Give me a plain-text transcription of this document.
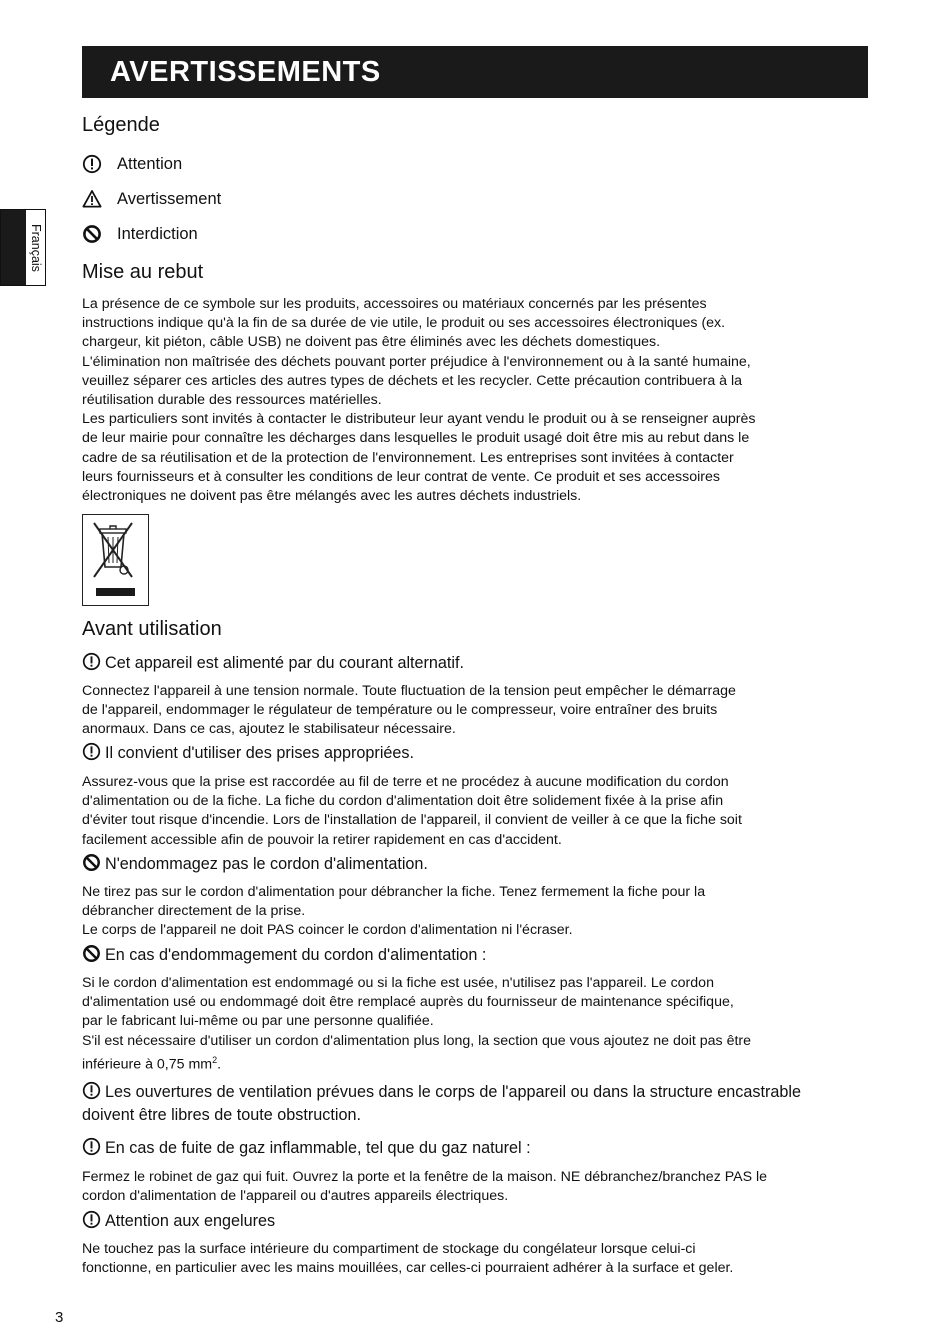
AVERTISSEMENTS
Français
Légende
Attention
Avertissement
Interdiction
Mise au rebut

La présence de ce symbole sur les produits, accessoires ou matériaux concernés par les présentes

instructions indique qu'à la fin de sa durée de vie utile, le produit ou ses accessoires électroniques (ex.

chargeur, kit piéton, câble USB) ne doivent pas être éliminés avec les déchets domestiques.

L'élimination non maîtrisée des déchets pouvant porter préjudice à l'environnement ou à la santé humaine,

veuillez séparer ces articles des autres types de déchets et les recycler. Cette précaution contribuera à la

réutilisation durable des ressources matérielles.

Les particuliers sont invités à contacter le distributeur leur ayant vendu le produit ou à se renseigner auprès

de leur mairie pour connaître les décharges dans lesquelles le produit usagé doit être mis au rebut dans le

cadre de sa réutilisation et de la protection de l'environnement. Les entreprises sont invitées à contacter

leurs fournisseurs et à consulter les conditions de leur contrat de vente. Ce produit et ses accessoires

électroniques ne doivent pas être mélangés avec les autres déchets industriels.

Avant utilisation
Cet appareil est alimenté par du courant alternatif.

Connectez l'appareil à une tension normale. Toute fluctuation de la tension peut empêcher le démarrage

de l'appareil, endommager le régulateur de température ou le compresseur, voire entraîner des bruits

anormaux. Dans ce cas, ajoutez le stabilisateur nécessaire.

Il convient d'utiliser des prises appropriées.

Assurez-vous que la prise est raccordée au fil de terre et ne procédez à aucune modification du cordon

d'alimentation ou de la fiche. La fiche du cordon d'alimentation doit être solidement fixée à la prise afin

d'éviter tout risque d'incendie. Lors de l'installation de l'appareil, il convient de veiller à ce que la fiche soit

facilement accessible afin de pouvoir la retirer rapidement en cas d'accident.

N'endommagez pas le cordon d'alimentation.

Ne tirez pas sur le cordon d'alimentation pour débrancher la fiche. Tenez fermement la fiche pour la

débrancher directement de la prise.

Le corps de l'appareil ne doit PAS coincer le cordon d'alimentation ni l'écraser.

En cas d'endommagement du cordon d'alimentation :

Si le cordon d'alimentation est endommagé ou si la fiche est usée, n'utilisez pas l'appareil. Le cordon

d'alimentation usé ou endommagé doit être remplacé auprès du fournisseur de maintenance spécifique,

par le fabricant lui-même ou par une personne qualifiée.

S'il est nécessaire d'utiliser un cordon d'alimentation plus long, la section que vous ajoutez ne doit pas être

inférieure à 0,75 $mm^2$.

Les ouvertures de ventilation prévues dans le corps de l'appareil ou dans la structure encastrable
doivent être libres de toute obstruction.
En cas de fuite de gaz inflammable, tel que du gaz naturel :

Fermez le robinet de gaz qui fuit. Ouvrez la porte et la fenêtre de la maison. NE débranchez/branchez PAS le

cordon d'alimentation de l'appareil ou d'autres appareils électriques.

Attention aux engelures

Ne touchez pas la surface intérieure du compartiment de stockage du congélateur lorsque celui-ci

fonctionne, en particulier avec les mains mouillées, car celles-ci pourraient adhérer à la surface et geler.

3
